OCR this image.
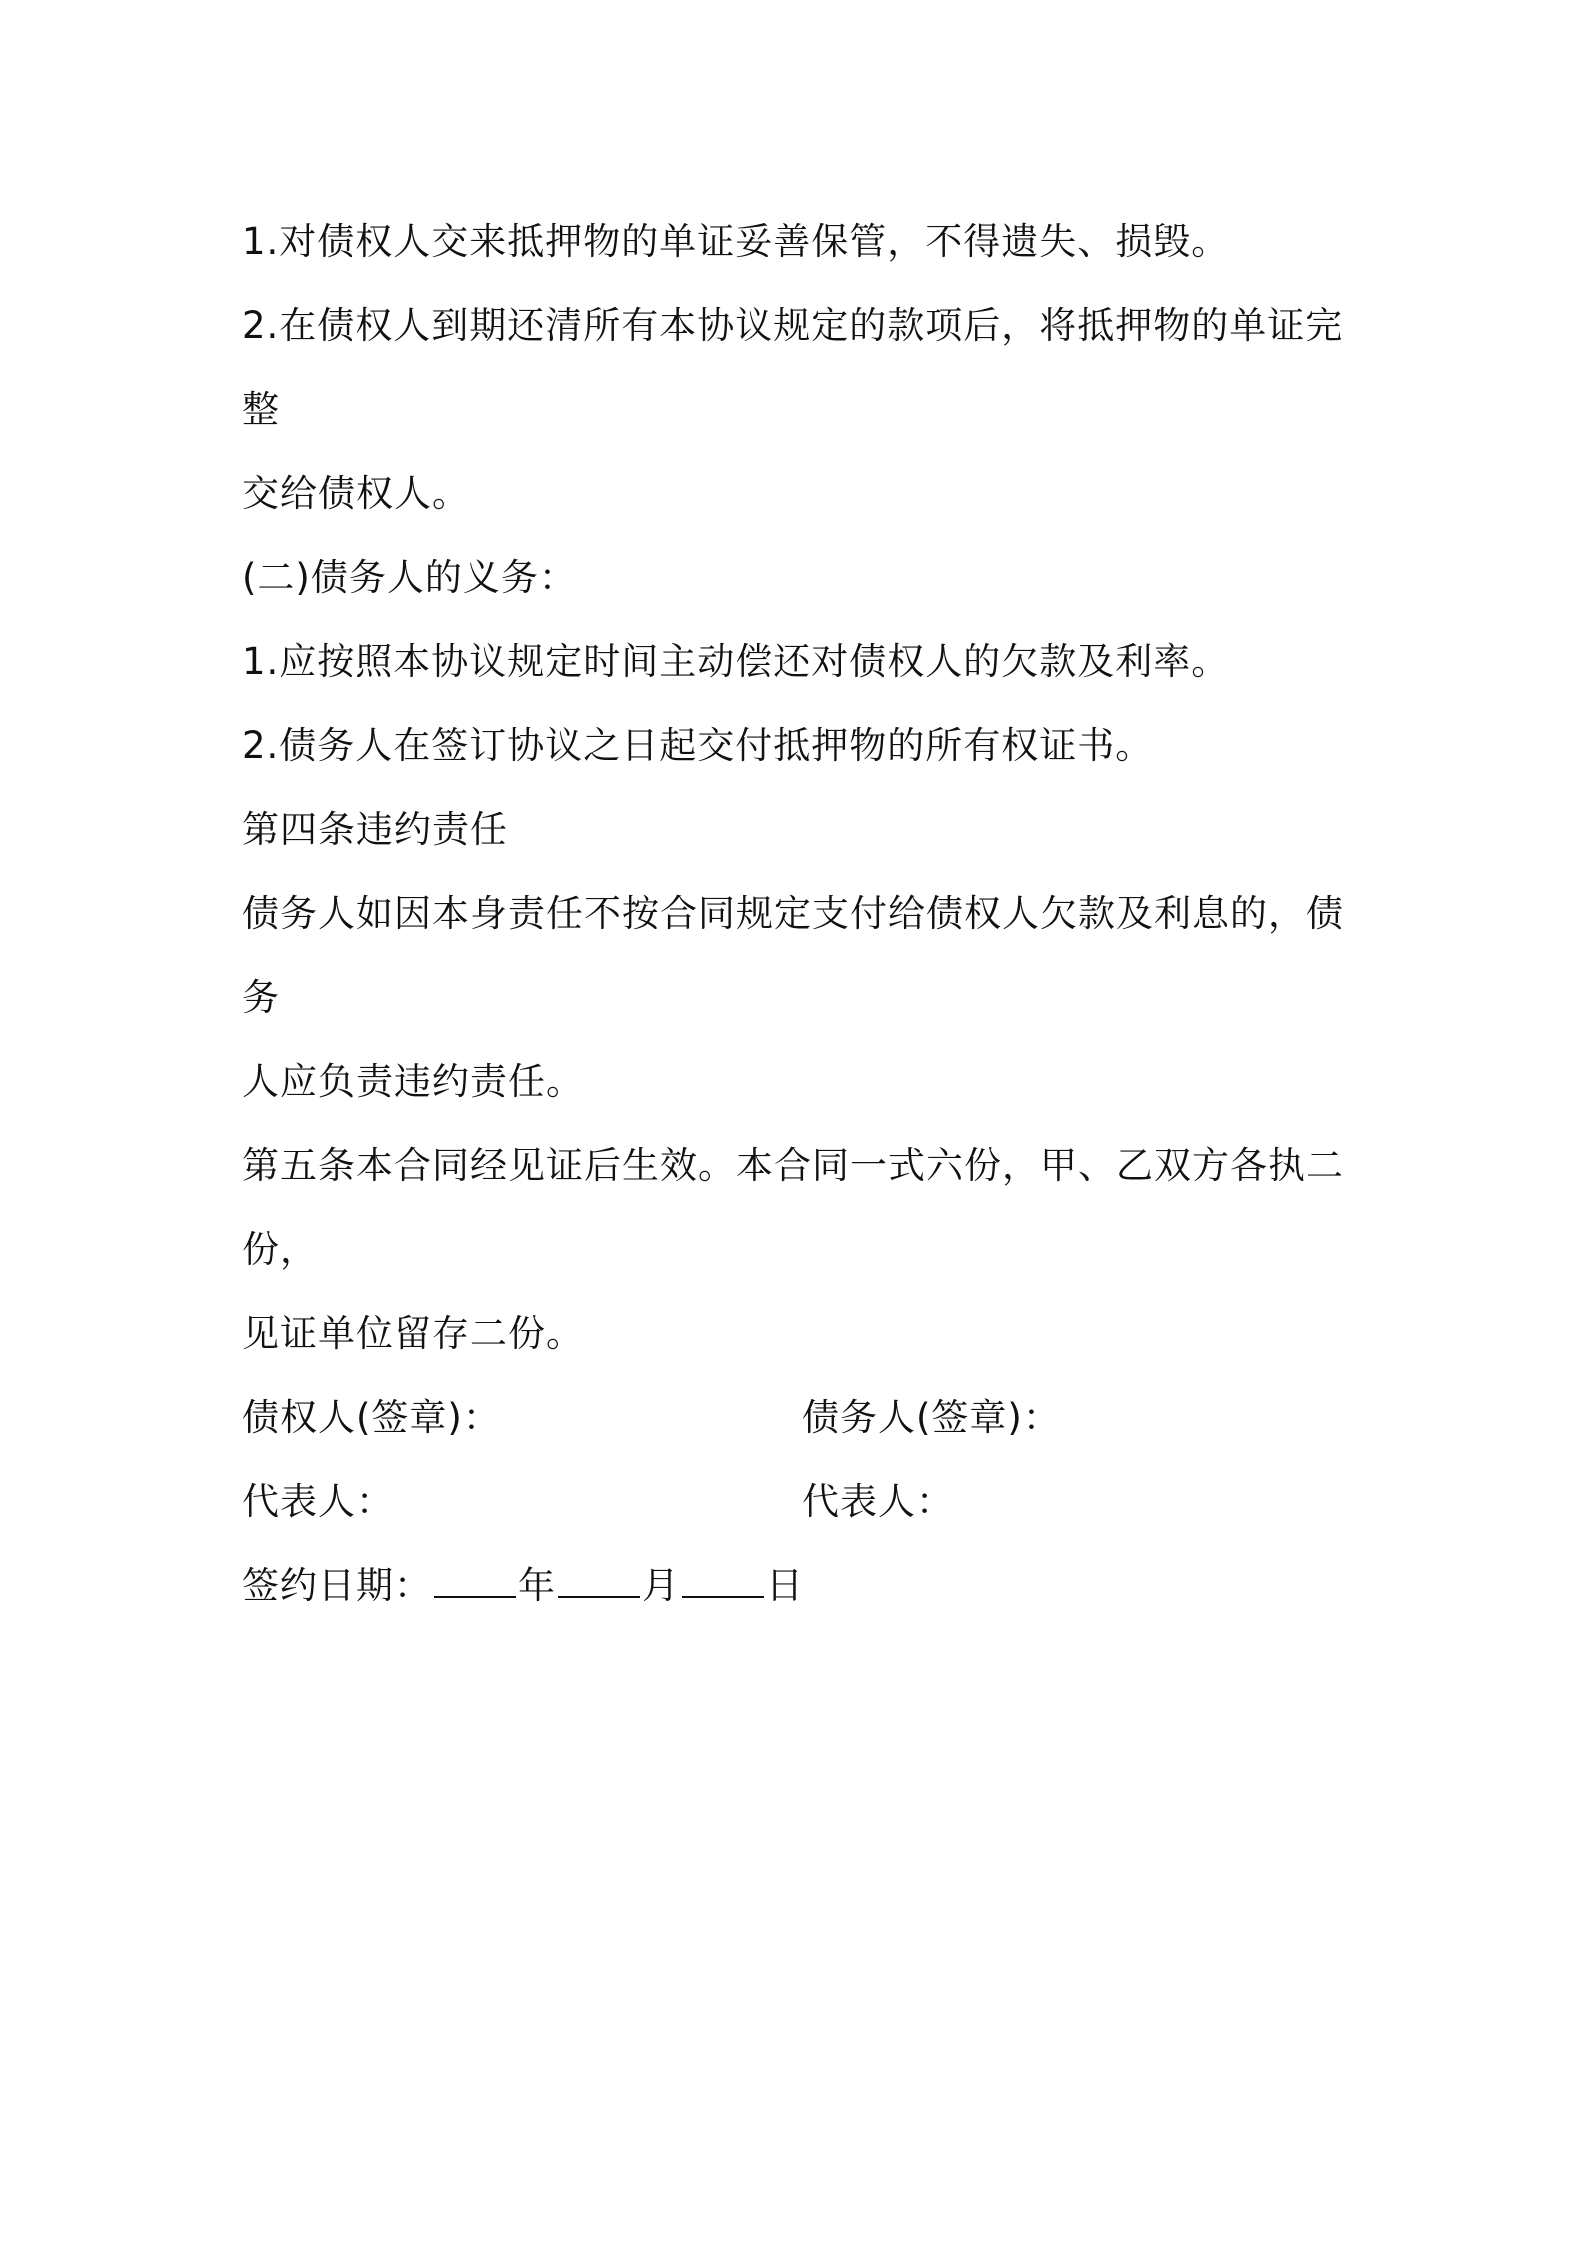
1.对债权人交来抵押物的单证妥善保管，不得遗失、损毁。

2.在债权人到期还清所有本协议规定的款项后，将抵押物的单证完整

交给债权人。

(二)债务人的义务：

1.应按照本协议规定时间主动偿还对债权人的欠款及利率。

2.债务人在签订协议之日起交付抵押物的所有权证书。

第四条违约责任

债务人如因本身责任不按合同规定支付给债权人欠款及利息的，债务

人应负责违约责任。

第五条本合同经见证后生效。本合同一式六份，甲、乙双方各执二份，

见证单位留存二份。

债权人(签章)：	债务人(签章)：
代表人：	代表人：
签约日期： 年 月 日
